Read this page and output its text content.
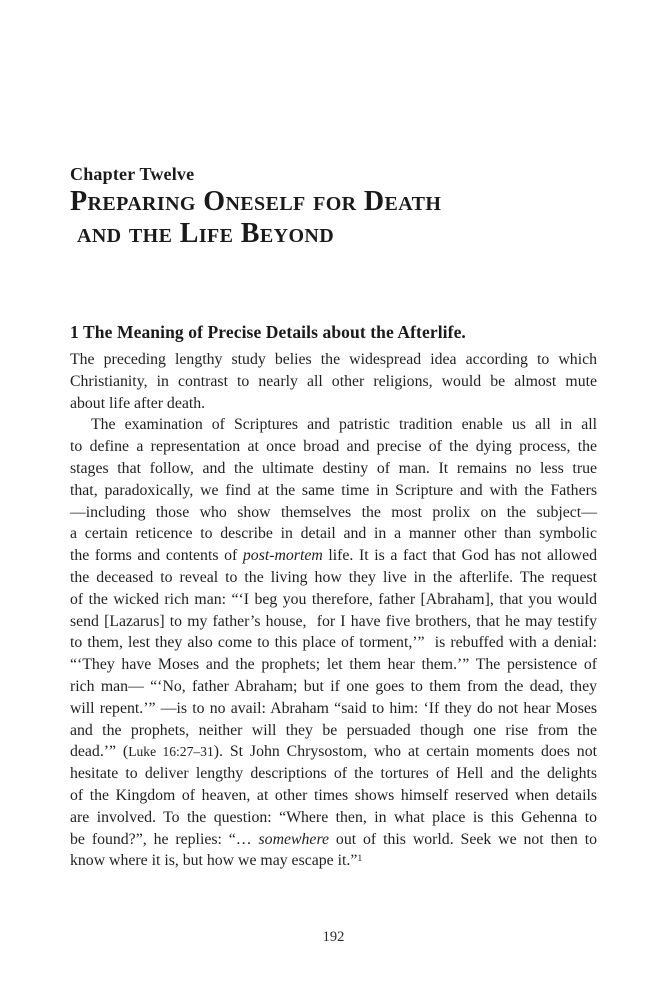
Chapter Twelve
Preparing Oneself for Death
and the Life Beyond
1 The Meaning of Precise Details about the Afterlife.
The preceding lengthy study belies the widespread idea according to which
Christianity, in contrast to nearly all other religions, would be almost mute
about life after death.
The examination of Scriptures and patristic tradition enable us all in all
to define a representation at once broad and precise of the dying process, the
stages that follow, and the ultimate destiny of man. It remains no less true
that, paradoxically, we find at the same time in Scripture and with the Fathers
—including those who show themselves the most prolix on the subject—
a certain reticence to describe in detail and in a manner other than symbolic
the forms and contents of post-mortem life. It is a fact that God has not allowed
the deceased to reveal to the living how they live in the afterlife. The request
of the wicked rich man: “‘I beg you therefore, father [Abraham], that you would
send [Lazarus] to my father’s house,  for I have five brothers, that he may testify
to them, lest they also come to this place of torment,’”  is rebuffed with a denial:
“‘They have Moses and the prophets; let them hear them.’” The persistence of
rich man— “‘No, father Abraham; but if one goes to them from the dead, they
will repent.’” —is to no avail: Abraham “said to him: ‘If they do not hear Moses
and the prophets, neither will they be persuaded though one rise from the
dead.’” (Luke 16:27–31). St John Chrysostom, who at certain moments does not
hesitate to deliver lengthy descriptions of the tortures of Hell and the delights
of the Kingdom of heaven, at other times shows himself reserved when details
are involved. To the question: “Where then, in what place is this Gehenna to
be found?”, he replies: “… somewhere out of this world. Seek we not then to
know where it is, but how we may escape it.”$^1$
192
